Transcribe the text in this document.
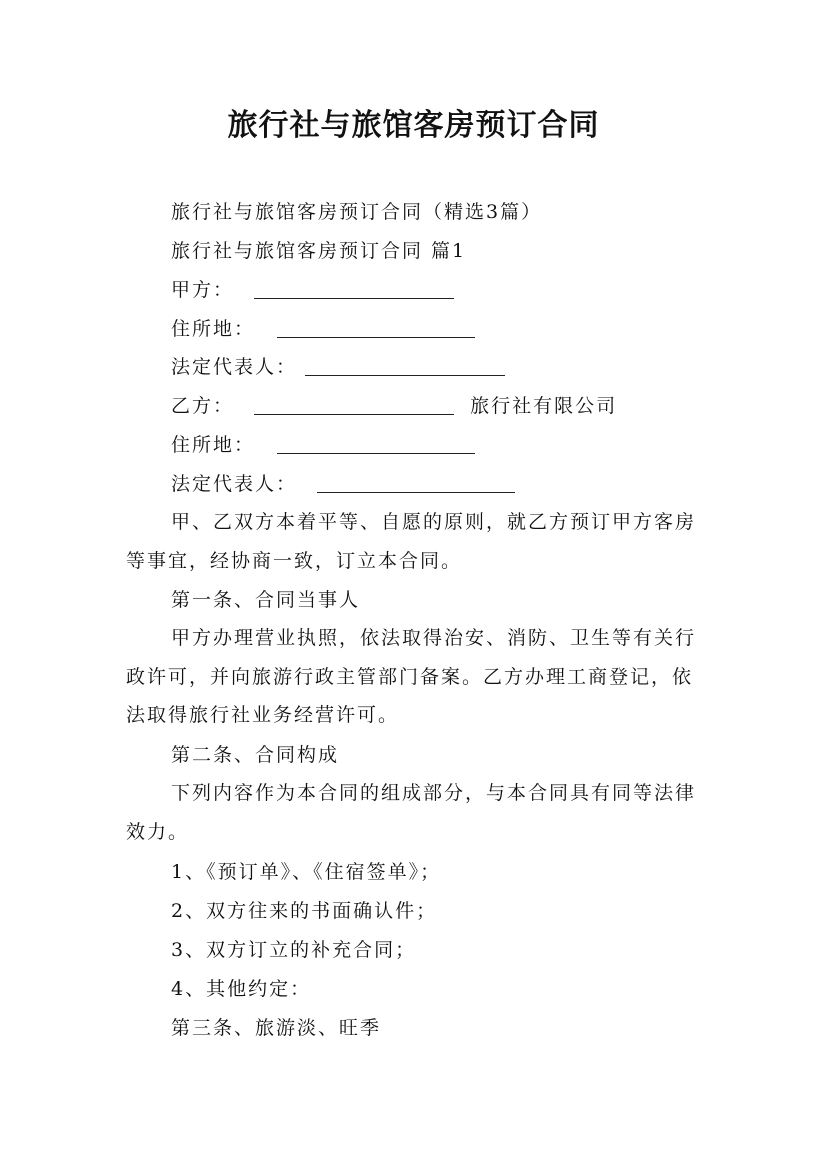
旅行社与旅馆客房预订合同
旅行社与旅馆客房预订合同（精选3篇）
旅行社与旅馆客房预订合同 篇1
甲方：
住所地：
法定代表人：
乙方：	旅行社有限公司
住所地：
法定代表人：

甲、乙双方本着平等、自愿的原则，就乙方预订甲方客房等事宜，经协商一致，订立本合同。

第一条、合同当事人

甲方办理营业执照，依法取得治安、消防、卫生等有关行政许可，并向旅游行政主管部门备案。乙方办理工商登记，依法取得旅行社业务经营许可。

第二条、合同构成

下列内容作为本合同的组成部分，与本合同具有同等法律效力。

1、《预订单》、《住宿签单》；
2、双方往来的书面确认件；
3、双方订立的补充合同；
4、其他约定：
第三条、旅游淡、旺季
